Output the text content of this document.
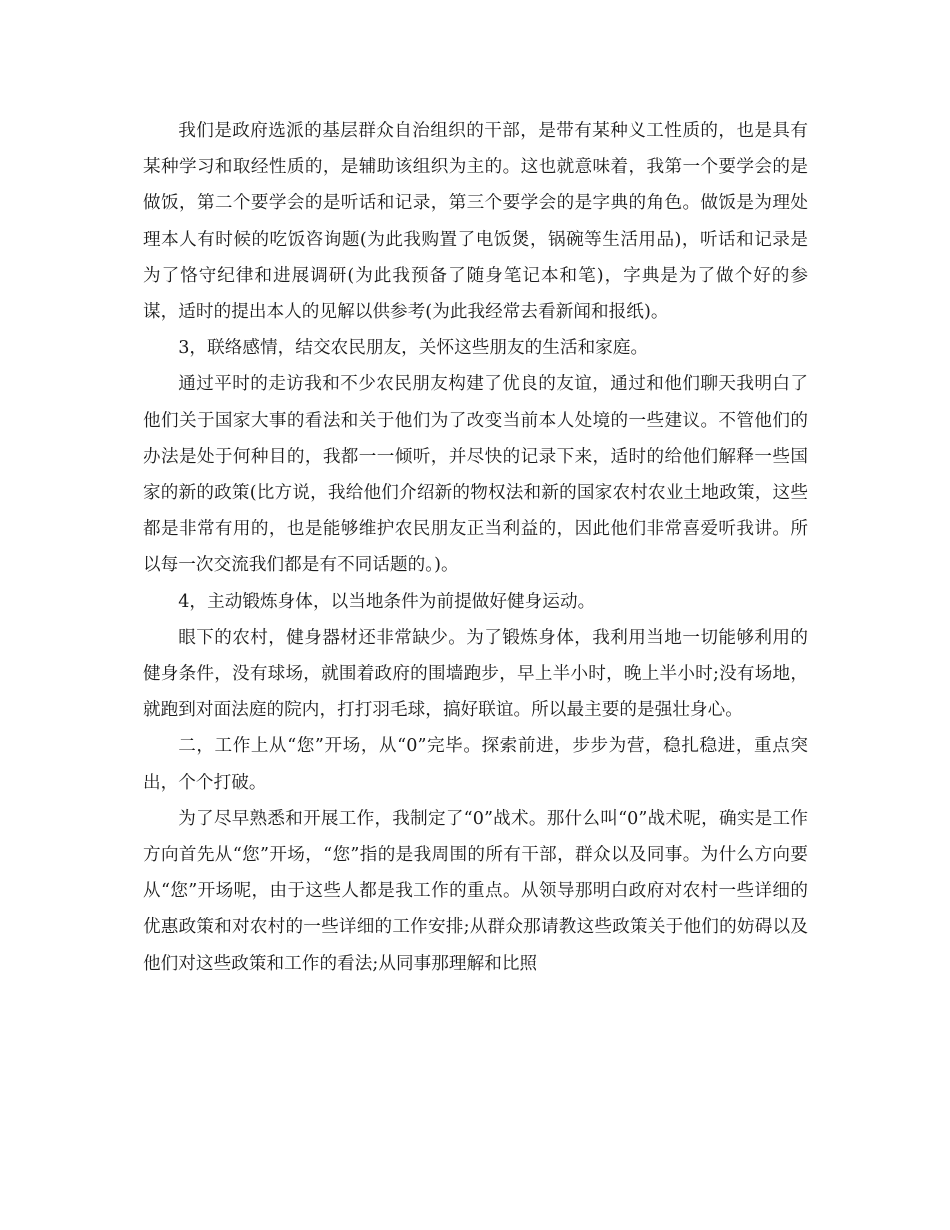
我们是政府选派的基层群众自治组织的干部，是带有某种义工性质的，也是具有某种学习和取经性质的，是辅助该组织为主的。这也就意味着，我第一个要学会的是做饭，第二个要学会的是听话和记录，第三个要学会的是字典的角色。做饭是为理处理本人有时候的吃饭咨询题(为此我购置了电饭煲，锅碗等生活用品)，听话和记录是为了恪守纪律和进展调研(为此我预备了随身笔记本和笔)，字典是为了做个好的参谋，适时的提出本人的见解以供参考(为此我经常去看新闻和报纸)。

3，联络感情，结交农民朋友，关怀这些朋友的生活和家庭。

通过平时的走访我和不少农民朋友构建了优良的友谊，通过和他们聊天我明白了他们关于国家大事的看法和关于他们为了改变当前本人处境的一些建议。不管他们的办法是处于何种目的，我都一一倾听，并尽快的记录下来，适时的给他们解释一些国家的新的政策(比方说，我给他们介绍新的物权法和新的国家农村农业土地政策，这些都是非常有用的，也是能够维护农民朋友正当利益的，因此他们非常喜爱听我讲。所以每一次交流我们都是有不同话题的。)。

4，主动锻炼身体，以当地条件为前提做好健身运动。

眼下的农村，健身器材还非常缺少。为了锻炼身体，我利用当地一切能够利用的健身条件，没有球场，就围着政府的围墙跑步，早上半小时，晚上半小时;没有场地，就跑到对面法庭的院内，打打羽毛球，搞好联谊。所以最主要的是强壮身心。

二，工作上从“您”开场，从“0”完毕。探索前进，步步为营，稳扎稳进，重点突出，个个打破。

为了尽早熟悉和开展工作，我制定了“0”战术。那什么叫“0”战术呢，确实是工作方向首先从“您”开场，“您”指的是我周围的所有干部，群众以及同事。为什么方向要从“您”开场呢，由于这些人都是我工作的重点。从领导那明白政府对农村一些详细的优惠政策和对农村的一些详细的工作安排;从群众那请教这些政策关于他们的妨碍以及他们对这些政策和工作的看法;从同事那理解和比照
